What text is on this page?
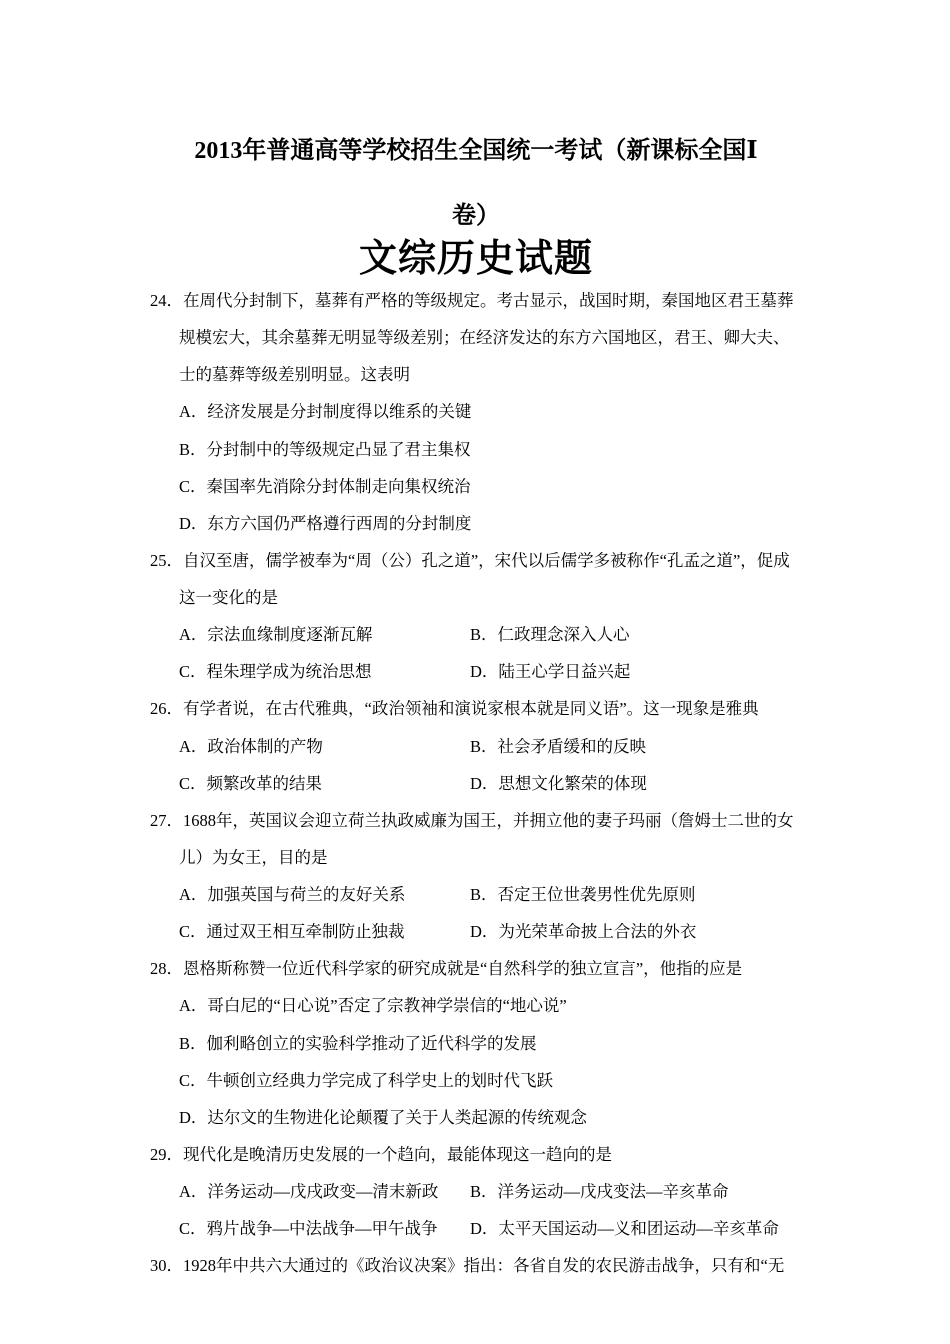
2013年普通高等学校招生全国统一考试（新课标全国Ⅰ
卷）
文综历史试题
24．在周代分封制下，墓葬有严格的等级规定。考古显示，战国时期，秦国地区君王墓葬规模宏大，其余墓葬无明显等级差别；在经济发达的东方六国地区，君王、卿大夫、士的墓葬等级差别明显。这表明
A．经济发展是分封制度得以维系的关键
B．分封制中的等级规定凸显了君主集权
C．秦国率先消除分封体制走向集权统治
D．东方六国仍严格遵行西周的分封制度
25．自汉至唐，儒学被奉为“周（公）孔之道”，宋代以后儒学多被称作“孔孟之道”，促成这一变化的是
A．宗法血缘制度逐渐瓦解	B．仁政理念深入人心
C．程朱理学成为统治思想	D．陆王心学日益兴起
26．有学者说，在古代雅典，“政治领袖和演说家根本就是同义语”。这一现象是雅典
A．政治体制的产物	B．社会矛盾缓和的反映
C．频繁改革的结果	D．思想文化繁荣的体现
27．1688年，英国议会迎立荷兰执政威廉为国王，并拥立他的妻子玛丽（詹姆士二世的女儿）为女王，目的是
A．加强英国与荷兰的友好关系	B．否定王位世袭男性优先原则
C．通过双王相互牵制防止独裁	D．为光荣革命披上合法的外衣
28．恩格斯称赞一位近代科学家的研究成就是“自然科学的独立宣言”，他指的应是
A．哥白尼的“日心说”否定了宗教神学崇信的“地心说”
B．伽利略创立的实验科学推动了近代科学的发展
C．牛顿创立经典力学完成了科学史上的划时代飞跃
D．达尔文的生物进化论颠覆了关于人类起源的传统观念
29．现代化是晚清历史发展的一个趋向，最能体现这一趋向的是
A．洋务运动—戊戌政变—清末新政	B．洋务运动—戊戌变法—辛亥革命
C．鸦片战争—中法战争—甲午战争	D．太平天国运动—义和团运动—辛亥革命
30．1928年中共六大通过的《政治议决案》指出：各省自发的农民游击战争，只有和“无
